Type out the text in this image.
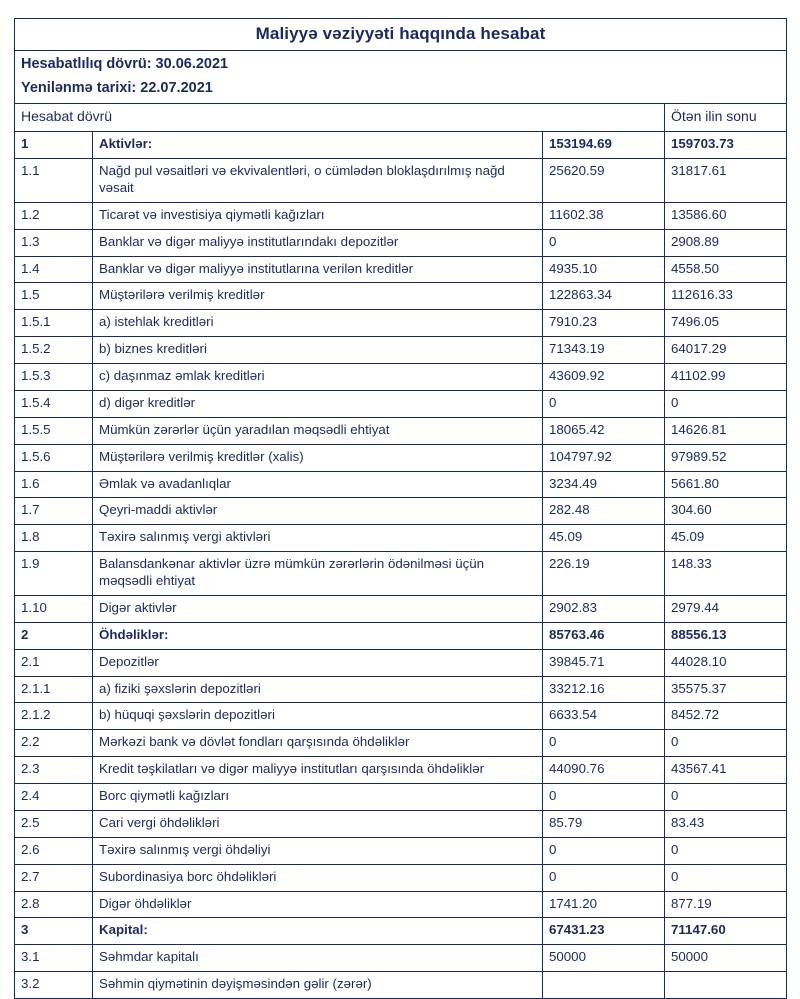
Maliyyə vəziyyəti haqqında hesabat			
Hesabatlılıq dövrü: 30.06.2021			
Yenilənmə tarixi: 22.07.2021			
Hesabat dövrü			Ötən ilin sonu
1	Aktivlər:	153194.69	159703.73
1.1	Nağd pul vəsaitləri və ekvivalentləri, o cümlədən bloklaşdırılmış nağd vəsait	25620.59	31817.61
1.2	Ticarət və investisiya qiymətli kağızları	11602.38	13586.60
1.3	Banklar və digər maliyyə institutlarındakı depozitlər	0	2908.89
1.4	Banklar və digər maliyyə institutlarına verilən kreditlər	4935.10	4558.50
1.5	Müştərilərə verilmiş kreditlər	122863.34	112616.33
1.5.1	a) istehlak kreditləri	7910.23	7496.05
1.5.2	b) biznes kreditləri	71343.19	64017.29
1.5.3	c) daşınmaz əmlak kreditləri	43609.92	41102.99
1.5.4	d) digər kreditlər	0	0
1.5.5	Mümkün zərərlər üçün yaradılan məqsədli ehtiyat	18065.42	14626.81
1.5.6	Müştərilərə verilmiş kreditlər (xalis)	104797.92	97989.52
1.6	Əmlak və avadanlıqlar	3234.49	5661.80
1.7	Qeyri-maddi aktivlər	282.48	304.60
1.8	Təxirə salınmış vergi aktivləri	45.09	45.09
1.9	Balansdankənar aktivlər üzrə mümkün zərərlərin ödənilməsi üçün məqsədli ehtiyat	226.19	148.33
1.10	Digər aktivlər	2902.83	2979.44
2	Öhdəliklər:	85763.46	88556.13
2.1	Depozitlər	39845.71	44028.10
2.1.1	a) fiziki şəxslərin depozitləri	33212.16	35575.37
2.1.2	b) hüquqi şəxslərin depozitləri	6633.54	8452.72
2.2	Mərkəzi bank və dövlət fondları qarşısında öhdəliklər	0	0
2.3	Kredit təşkilatları və digər maliyyə institutları qarşısında öhdəliklər	44090.76	43567.41
2.4	Borc qiymətli kağızları	0	0
2.5	Cari vergi öhdəlikləri	85.79	83.43
2.6	Təxirə salınmış vergi öhdəliyi	0	0
2.7	Subordinasiya borc öhdəlikləri	0	0
2.8	Digər öhdəliklər	1741.20	877.19
3	Kapital:	67431.23	71147.60
3.1	Səhmdar kapitalı	50000	50000
3.2	Səhmin qiymətinin dəyişməsindən gəlir (zərər)		
